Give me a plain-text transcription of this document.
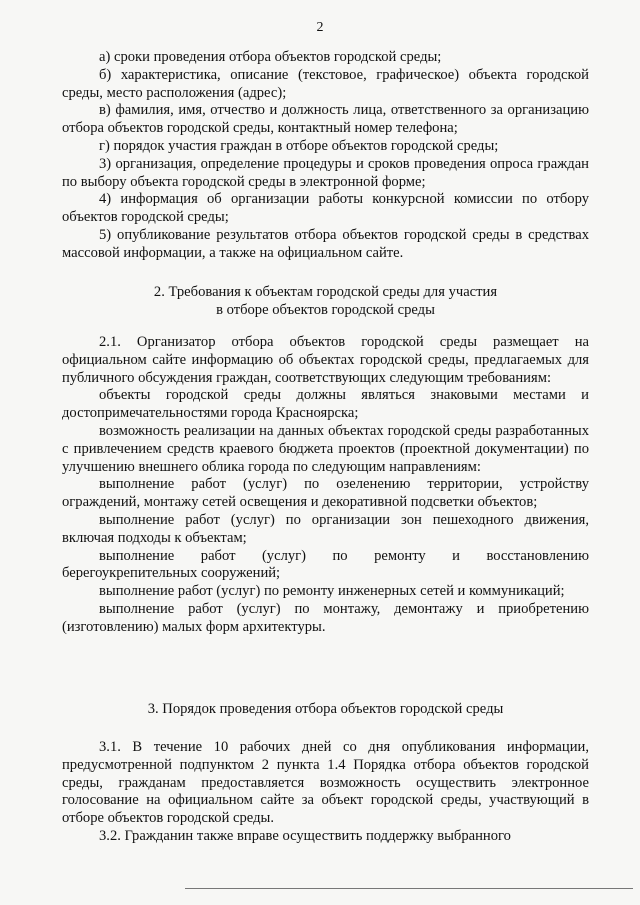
2

а) сроки проведения отбора объектов городской среды;

б) характеристика, описание (текстовое, графическое) объекта городской среды, место расположения (адрес);

в) фамилия, имя, отчество и должность лица, ответственного за организацию отбора объектов городской среды, контактный номер телефона;

г) порядок участия граждан в отборе объектов городской среды;

3) организация, определение процедуры и сроков проведения опроса граждан по выбору объекта городской среды в электронной форме;

4) информация об организации работы конкурсной комиссии по отбору объектов городской среды;

5) опубликование результатов отбора объектов городской среды в средствах массовой информации, а также на официальном сайте.

2. Требования к объектам городской среды для участия

в отборе объектов городской среды

2.1. Организатор отбора объектов городской среды размещает на официальном сайте информацию об объектах городской среды, предлагаемых для публичного обсуждения граждан, соответствующих следующим требованиям:

объекты городской среды должны являться знаковыми местами и достопримечательностями города Красноярска;

возможность реализации на данных объектах городской среды разработанных с привлечением средств краевого бюджета проектов (проектной документации) по улучшению внешнего облика города по следующим направлениям:

выполнение работ (услуг) по озеленению территории, устройству ограждений, монтажу сетей освещения и декоративной подсветки объектов;

выполнение работ (услуг) по организации зон пешеходного движения, включая подходы к объектам;

выполнение работ (услуг) по ремонту и восстановлению берегоукрепительных сооружений;

выполнение работ (услуг) по ремонту инженерных сетей и коммуникаций;

выполнение работ (услуг) по монтажу, демонтажу и приобретению (изготовлению) малых форм архитектуры.

3. Порядок проведения отбора объектов городской среды

3.1. В течение 10 рабочих дней со дня опубликования информации, предусмотренной подпунктом 2 пункта 1.4 Порядка отбора объектов городской среды, гражданам предоставляется возможность осуществить электронное голосование на официальном сайте за объект городской среды, участвующий в отборе объектов городской среды.

3.2. Гражданин также вправе осуществить поддержку выбранного
